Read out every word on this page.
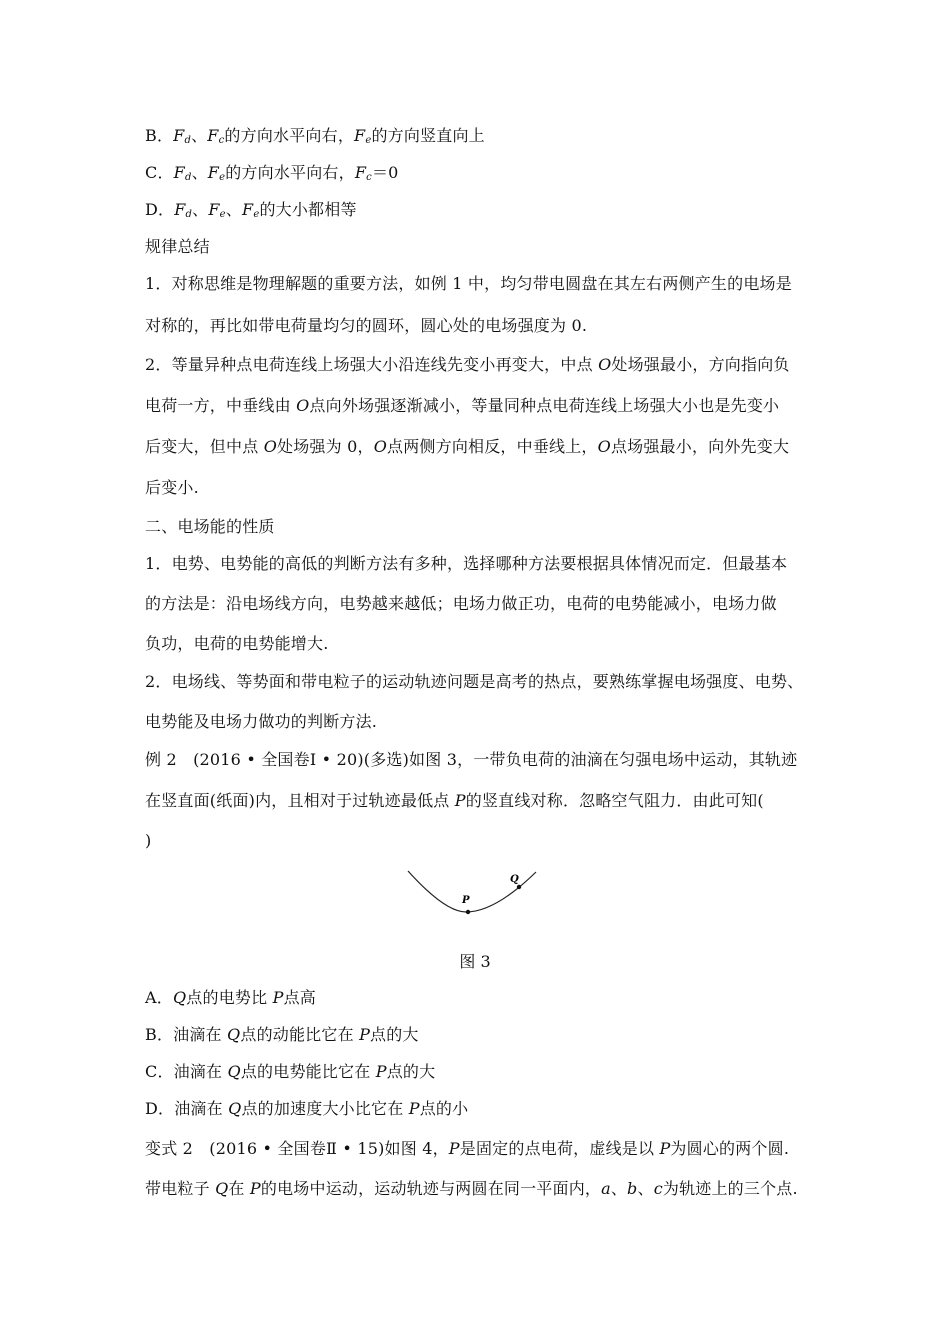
B．$F_d$、$F_c$的方向水平向右，$F_e$的方向竖直向上
C．$F_d$、$F_e$的方向水平向右，$F_c=0$
D．$F_d$、$F_e$、$F_e$的大小都相等
规律总结
1．对称思维是物理解题的重要方法，如例 1 中，均匀带电圆盘在其左右两侧产生的电场是
对称的，再比如带电荷量均匀的圆环，圆心处的电场强度为 0.
2．等量异种点电荷连线上场强大小沿连线先变小再变大，中点 O处场强最小，方向指向负
电荷一方，中垂线由 O点向外场强逐渐减小，等量同种点电荷连线上场强大小也是先变小
后变大，但中点 O处场强为 0，O点两侧方向相反，中垂线上，O点场强最小，向外先变大
后变小.
二、电场能的性质
1．电势、电势能的高低的判断方法有多种，选择哪种方法要根据具体情况而定．但最基本
的方法是：沿电场线方向，电势越来越低；电场力做正功，电荷的电势能减小，电场力做
负功，电荷的电势能增大.
2．电场线、等势面和带电粒子的运动轨迹问题是高考的热点，要熟练掌握电场强度、电势、
电势能及电场力做功的判断方法.
例 2　(2016 • 全国卷Ⅰ • 20)(多选)如图 3，一带负电荷的油滴在匀强电场中运动，其轨迹
在竖直面(纸面)内，且相对于过轨迹最低点 P的竖直线对称．忽略空气阻力．由此可知(
)
P
Q
图 3
A．Q点的电势比 P点高
B．油滴在 Q点的动能比它在 P点的大
C．油滴在 Q点的电势能比它在 P点的大
D．油滴在 Q点的加速度大小比它在 P点的小
变式 2　(2016 • 全国卷Ⅱ • 15)如图 4，P是固定的点电荷，虚线是以 P为圆心的两个圆.
带电粒子 Q在 P的电场中运动，运动轨迹与两圆在同一平面内，a、b、c为轨迹上的三个点.
